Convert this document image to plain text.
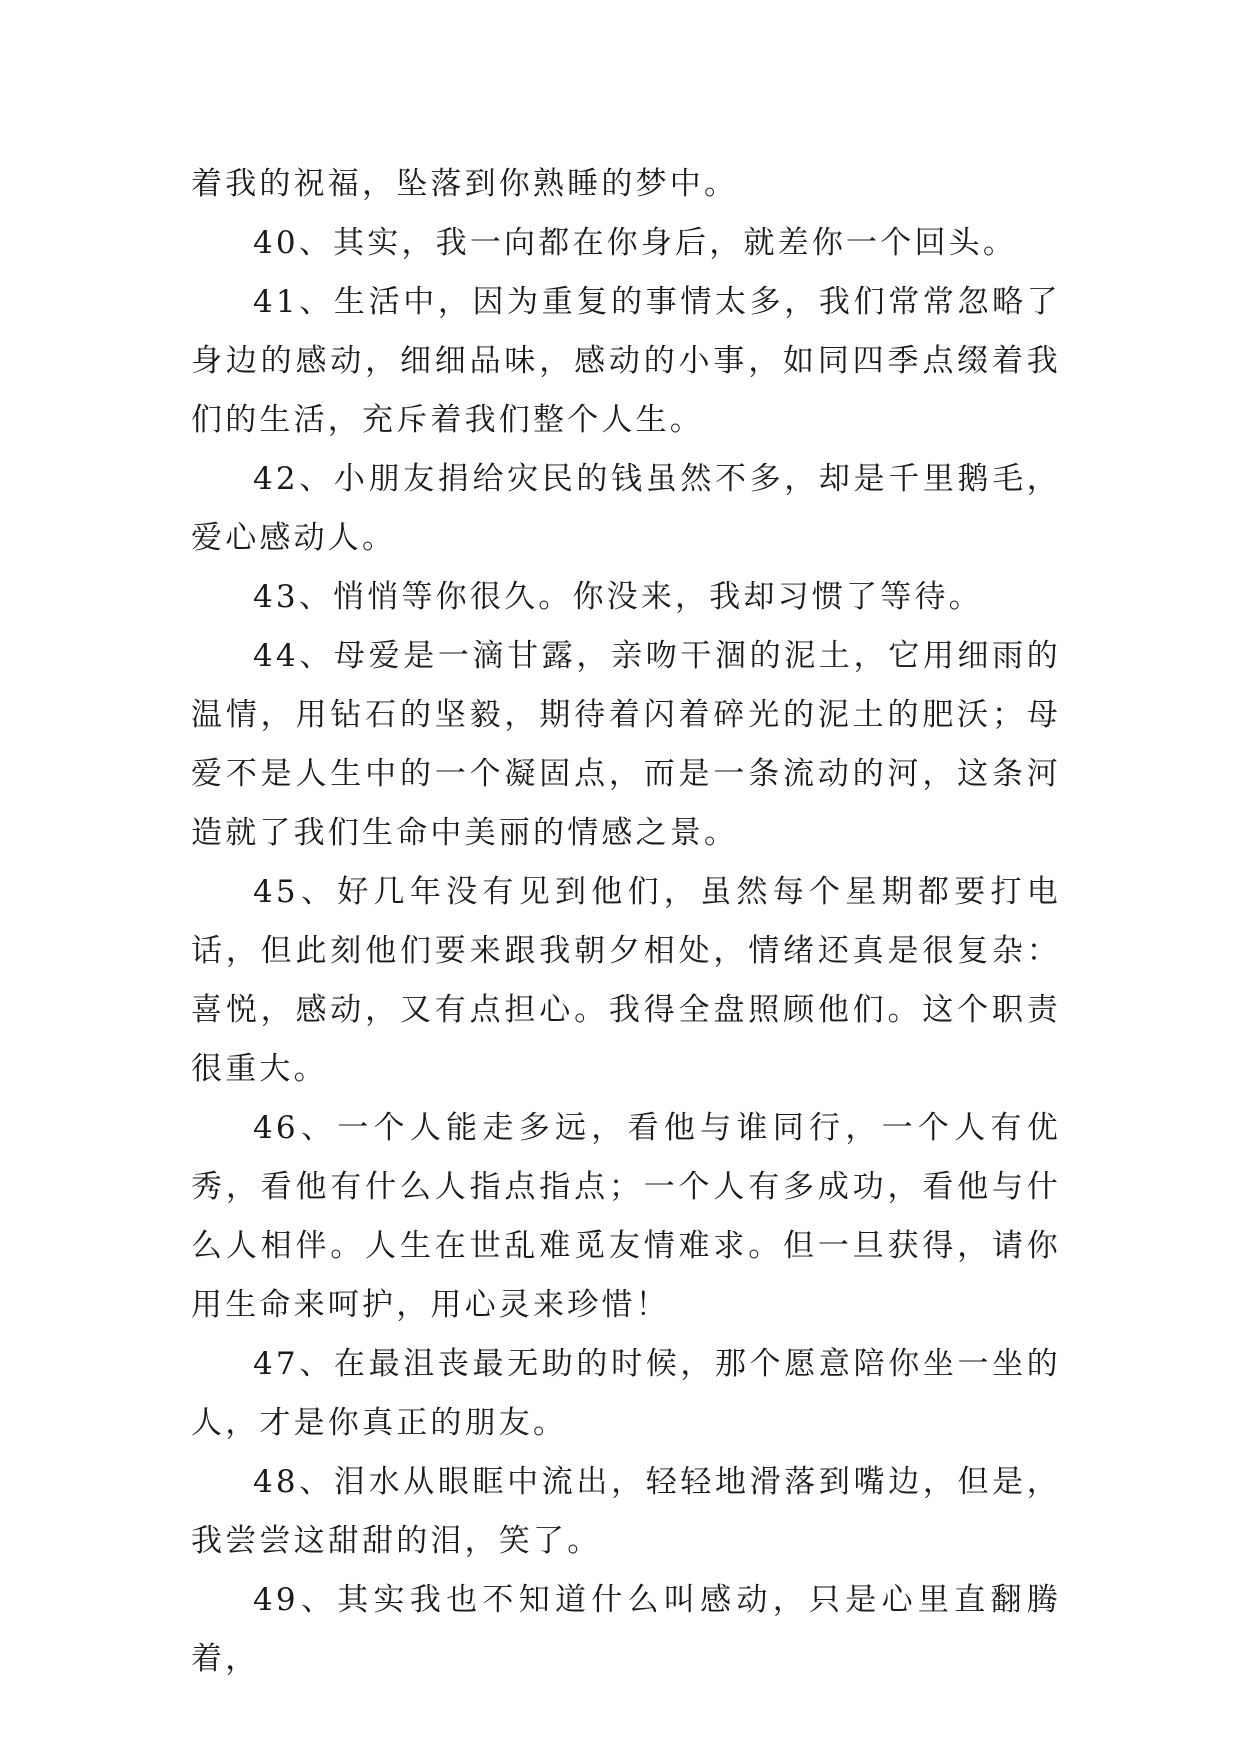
着我的祝福，坠落到你熟睡的梦中。

40、其实，我一向都在你身后，就差你一个回头。

41、生活中，因为重复的事情太多，我们常常忽略了身边的感动，细细品味，感动的小事，如同四季点缀着我们的生活，充斥着我们整个人生。

42、小朋友捐给灾民的钱虽然不多，却是千里鹅毛，爱心感动人。

43、悄悄等你很久。你没来，我却习惯了等待。

44、母爱是一滴甘露，亲吻干涸的泥土，它用细雨的温情，用钻石的坚毅，期待着闪着碎光的泥土的肥沃；母爱不是人生中的一个凝固点，而是一条流动的河，这条河造就了我们生命中美丽的情感之景。

45、好几年没有见到他们，虽然每个星期都要打电话，但此刻他们要来跟我朝夕相处，情绪还真是很复杂：喜悦，感动，又有点担心。我得全盘照顾他们。这个职责很重大。

46、一个人能走多远，看他与谁同行，一个人有优秀，看他有什么人指点指点；一个人有多成功，看他与什么人相伴。人生在世乱难觅友情难求。但一旦获得，请你用生命来呵护，用心灵来珍惜！

47、在最沮丧最无助的时候，那个愿意陪你坐一坐的人，才是你真正的朋友。

48、泪水从眼眶中流出，轻轻地滑落到嘴边，但是，我尝尝这甜甜的泪，笑了。

49、其实我也不知道什么叫感动，只是心里直翻腾着，
